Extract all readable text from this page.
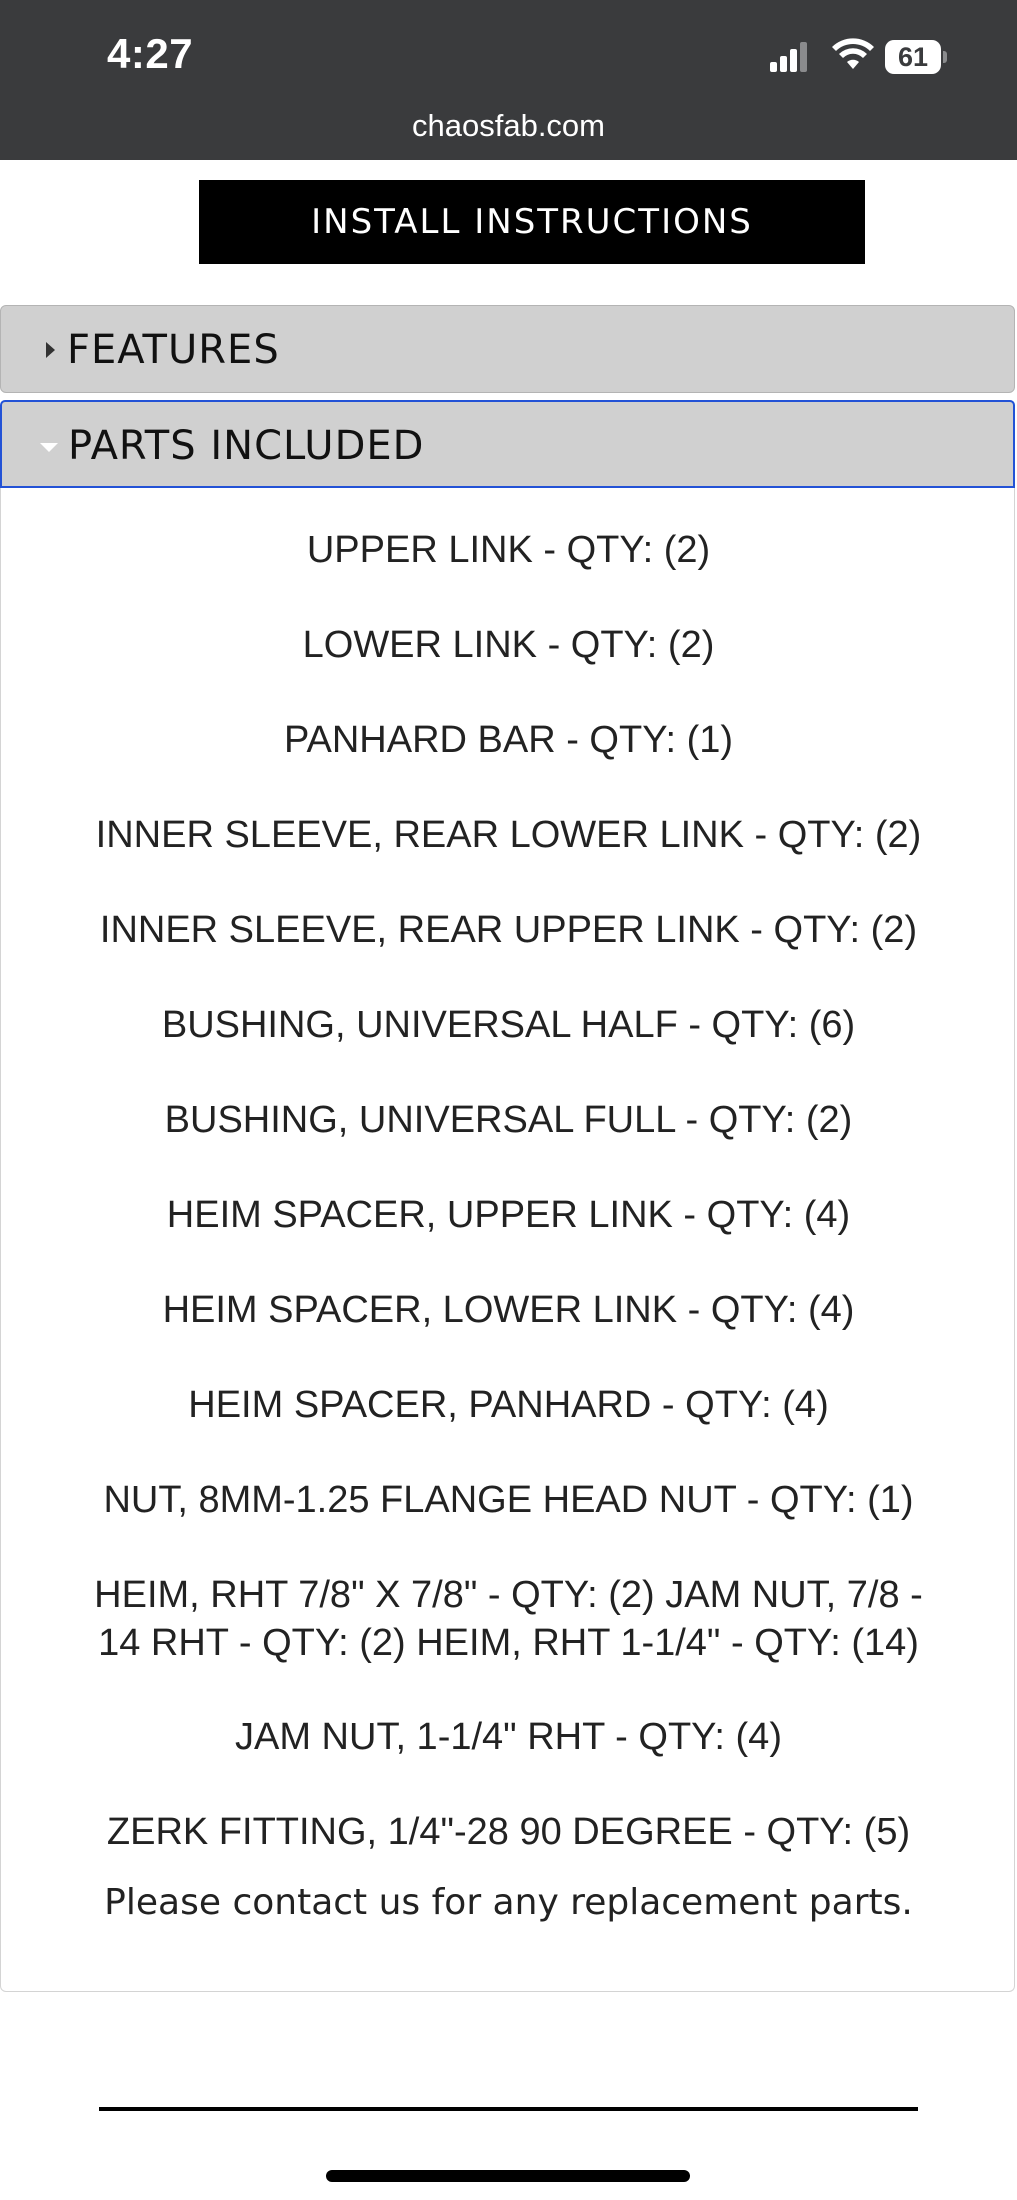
4:27	61
chaosfab.com
INSTALL INSTRUCTIONS
FEATURES
PARTS INCLUDED
UPPER LINK - QTY: (2)
LOWER LINK - QTY: (2)
PANHARD BAR - QTY: (1)
INNER SLEEVE, REAR LOWER LINK - QTY: (2)
INNER SLEEVE, REAR UPPER LINK - QTY: (2)
BUSHING, UNIVERSAL HALF - QTY: (6)
BUSHING, UNIVERSAL FULL - QTY: (2)
HEIM SPACER, UPPER LINK - QTY: (4)
HEIM SPACER, LOWER LINK - QTY: (4)
HEIM SPACER, PANHARD - QTY: (4)
NUT, 8MM-1.25 FLANGE HEAD NUT - QTY: (1)
HEIM, RHT 7/8" X 7/8" - QTY: (2) JAM NUT, 7/8 - 14 RHT - QTY: (2) HEIM, RHT 1-1/4" - QTY: (14)
JAM NUT, 1-1/4" RHT - QTY: (4)
ZERK FITTING, 1/4"-28 90 DEGREE - QTY: (5)

Please contact us for any replacement parts.
